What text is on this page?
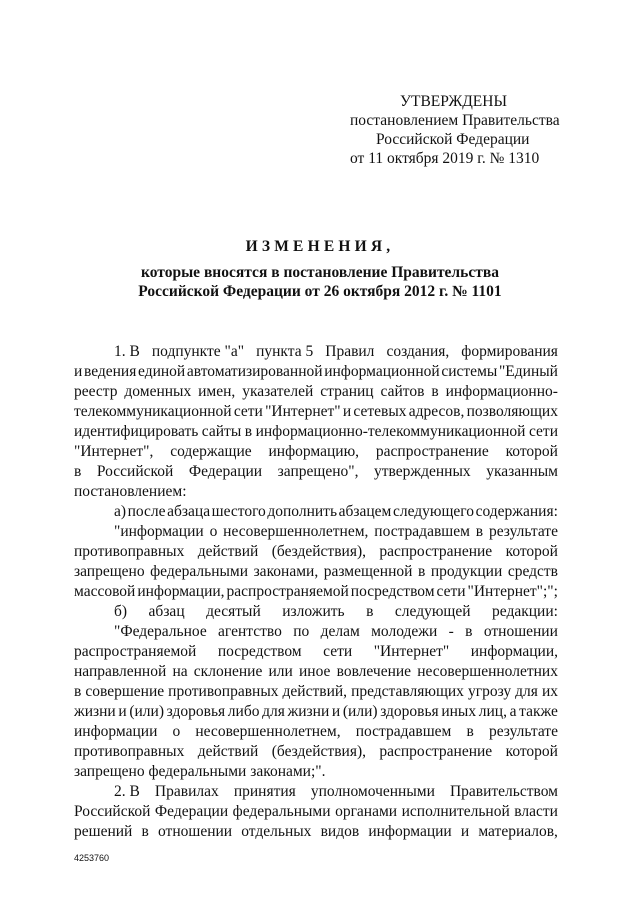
УТВЕРЖДЕНЫ
постановлением Правительства
Российской Федерации
от 11 октября 2019 г. № 1310
ИЗМЕНЕНИЯ,
которые вносятся в постановление Правительства
Российской Федерации от 26 октября 2012 г. № 1101
1. В подпункте "а" пункта 5 Правил создания, формирования
и ведения единой автоматизированной информационной системы "Единый
реестр доменных имен, указателей страниц сайтов в информационно-
телекоммуникационной сети "Интернет" и сетевых адресов, позволяющих
идентифицировать сайты в информационно-телекоммуникационной сети
"Интернет", содержащие информацию, распространение которой
в Российской Федерации запрещено", утвержденных указанным
постановлением:
а) после абзаца шестого дополнить абзацем следующего содержания:
"информации о несовершеннолетнем, пострадавшем в результате
противоправных действий (бездействия), распространение которой
запрещено федеральными законами, размещенной в продукции средств
массовой информации, распространяемой посредством сети "Интернет";";
б) абзац десятый изложить в следующей редакции:
"Федеральное агентство по делам молодежи - в отношении
распространяемой посредством сети "Интернет" информации,
направленной на склонение или иное вовлечение несовершеннолетних
в совершение противоправных действий, представляющих угрозу для их
жизни и (или) здоровья либо для жизни и (или) здоровья иных лиц, а также
информации о несовершеннолетнем, пострадавшем в результате
противоправных действий (бездействия), распространение которой
запрещено федеральными законами;".
2. В Правилах принятия уполномоченными Правительством
Российской Федерации федеральными органами исполнительной власти
решений в отношении отдельных видов информации и материалов,
4253760
